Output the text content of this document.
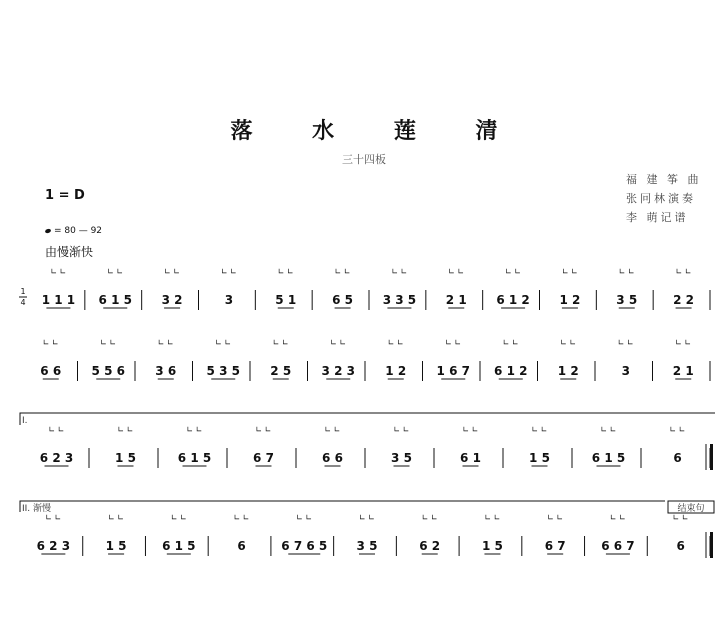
落 水 莲 清
三十四板
福 建 筝 曲
张冋林演奏
李 萌记谱
1 = D
= 80 — 92
由慢渐快
1
4 1 1 1
∟ ∟
6 1 5
∟ ∟
3 2
∟ ∟
3
∟ ∟
5 1
∟ ∟
6 5
∟ ∟
3 3 5
∟ ∟
2 1
∟ ∟
6 1 2
∟ ∟
1 2
∟ ∟
3 5
∟ ∟
2 2
∟ ∟
6 6
∟ ∟
5 5 6
∟ ∟
3 6
∟ ∟
5 3 5
∟ ∟
2 5
∟ ∟
3 2 3
∟ ∟
1 2
∟ ∟
1 6 7
∟ ∟
6 1 2
∟ ∟
1 2
∟ ∟
3
∟ ∟
2 1
∟ ∟
6 2 3
∟ ∟
1 5
∟ ∟
6 1 5
∟ ∟
6 7
∟ ∟
6 6
∟ ∟
3 5
∟ ∟
6 1
∟ ∟
1 5
∟ ∟
6 1 5
∟ ∟
6
∟ ∟
6 2 3
∟ ∟
1 5
∟ ∟
6 1 5
∟ ∟
6
∟ ∟
6 7 6 5
∟ ∟
3 5
∟ ∟
6 2
∟ ∟
1 5
∟ ∟
6 7
∟ ∟
6 6 7
∟ ∟
6
∟ ∟
I.
II. 渐慢	结束句
